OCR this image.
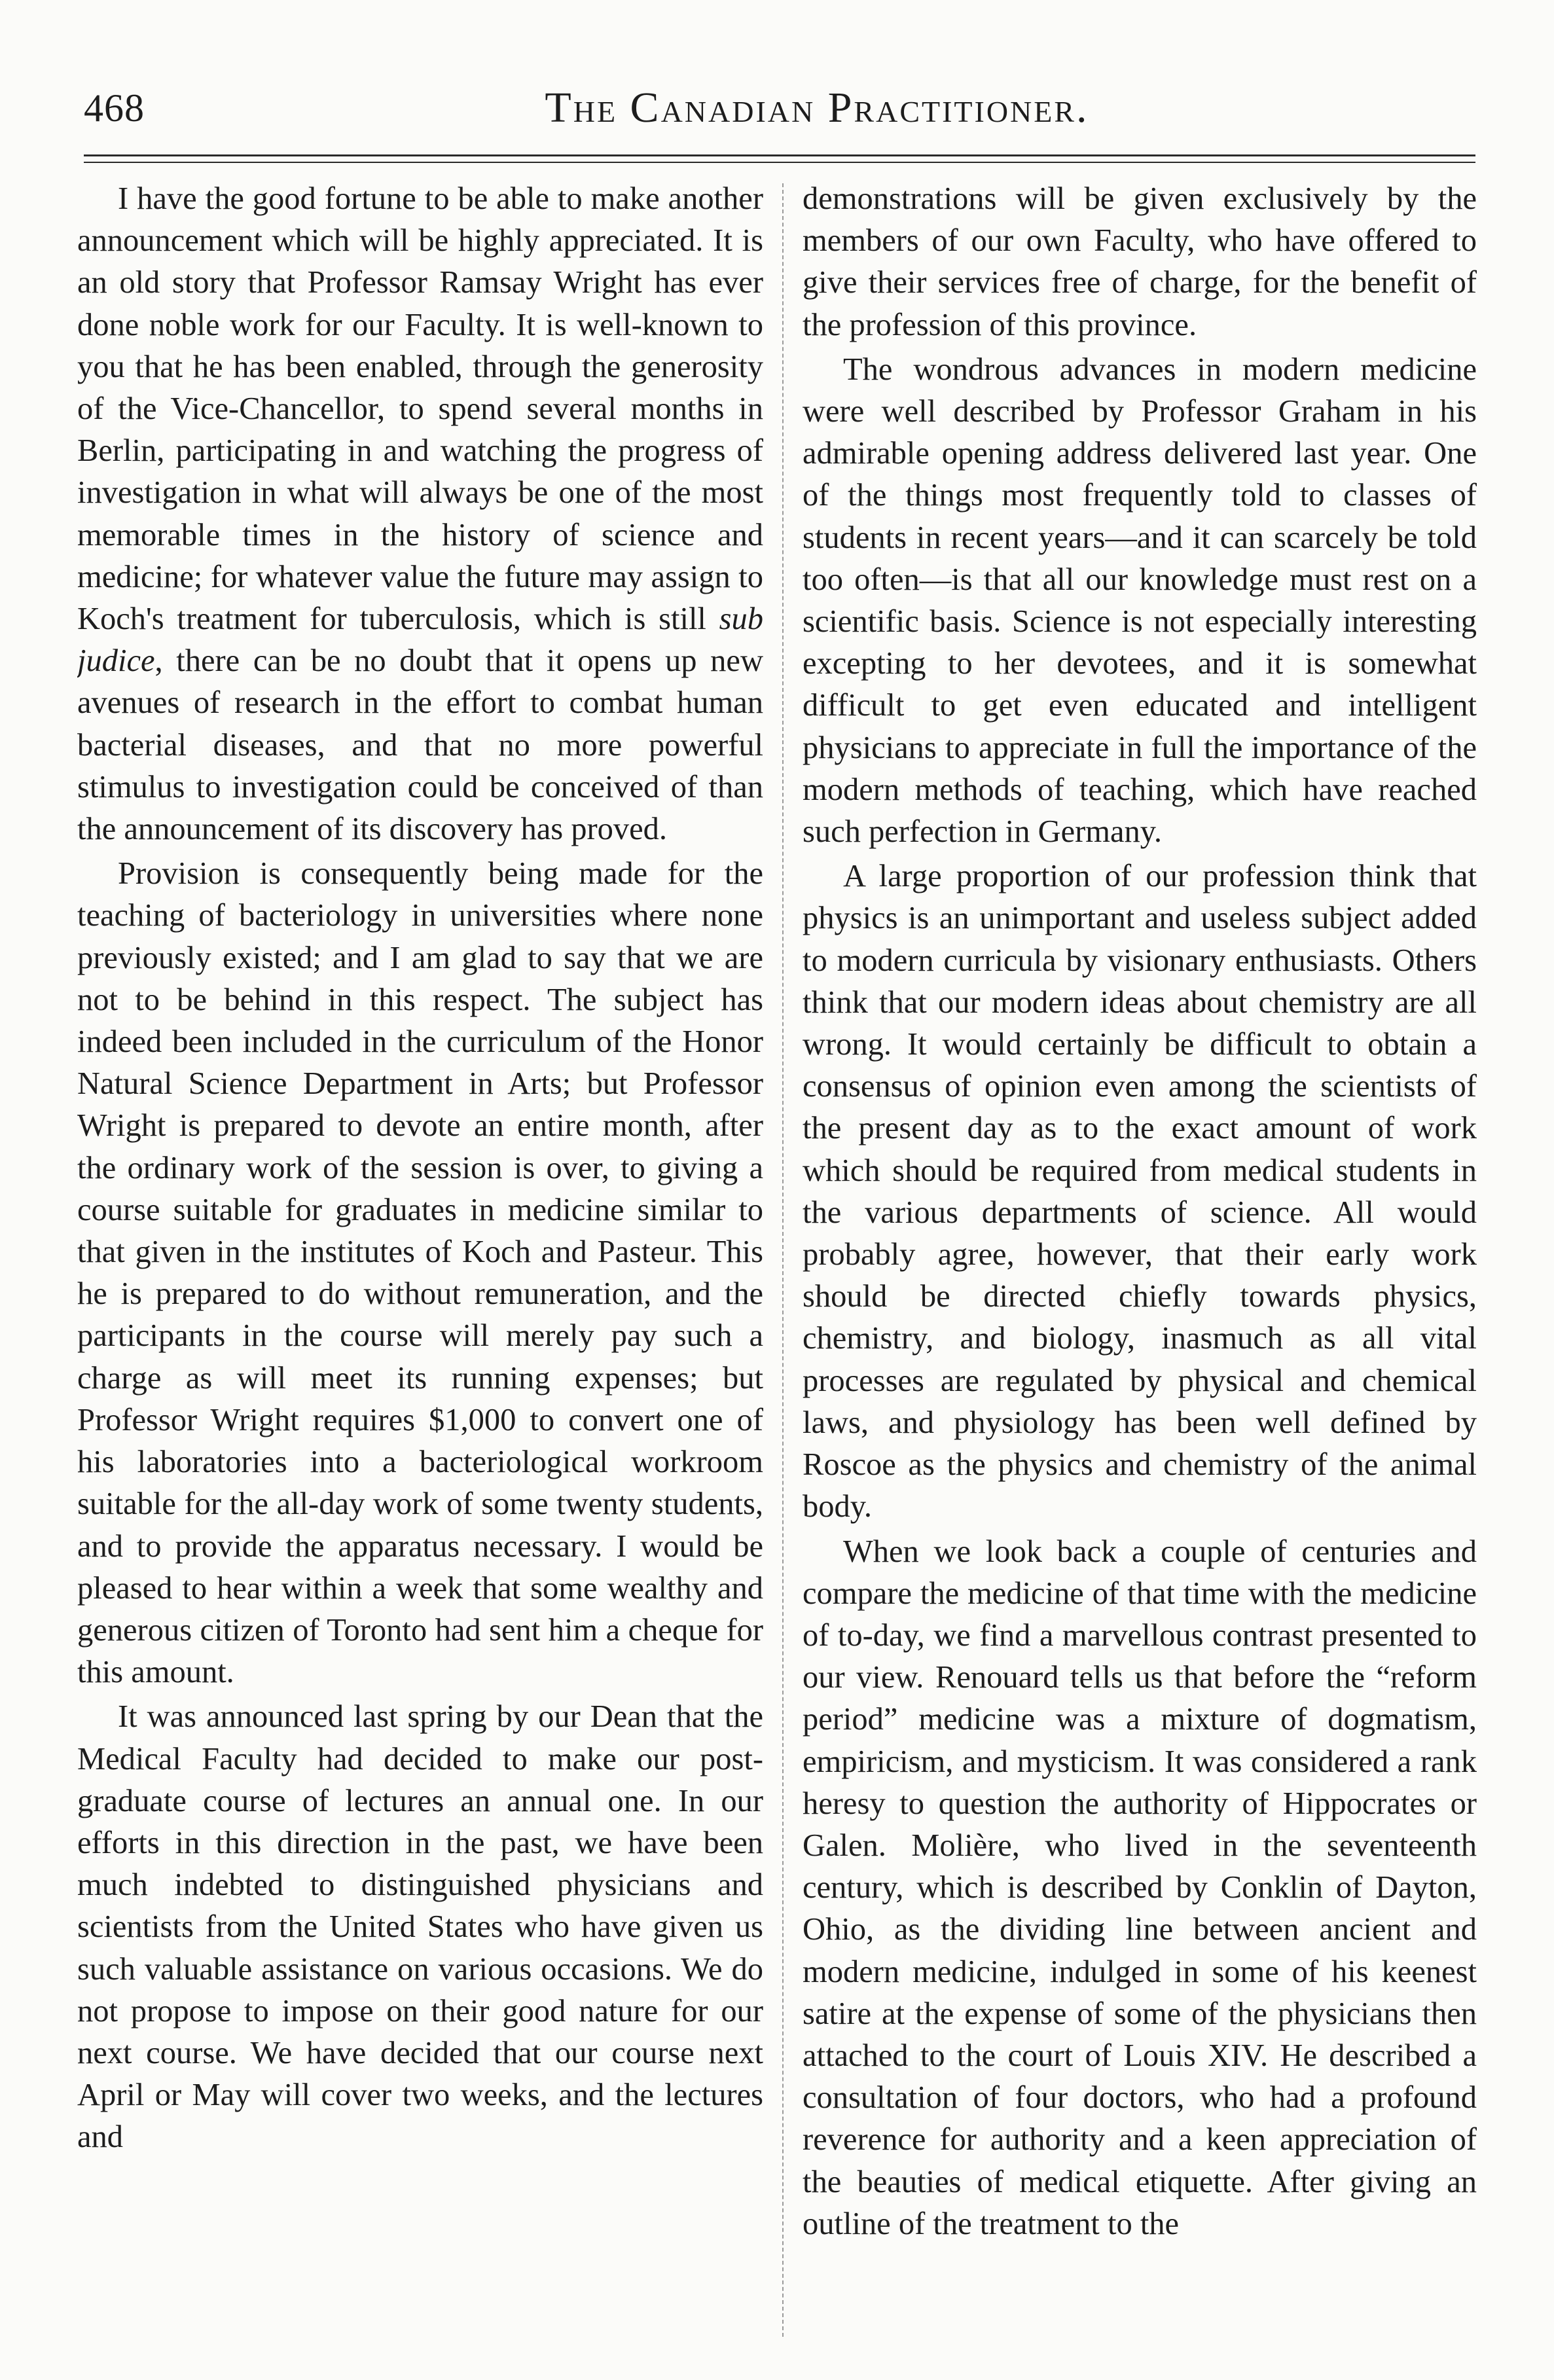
468	The Canadian Practitioner.

I have the good fortune to be able to make another announcement which will be highly appreciated. It is an old story that Professor Ramsay Wright has ever done noble work for our Faculty. It is well-known to you that he has been enabled, through the generosity of the Vice-Chancellor, to spend several months in Berlin, participating in and watching the progress of investigation in what will always be one of the most memorable times in the history of science and medicine; for whatever value the future may assign to Koch's treatment for tuberculosis, which is still sub judice, there can be no doubt that it opens up new avenues of research in the effort to combat human bacterial diseases, and that no more powerful stimulus to investigation could be conceived of than the announcement of its discovery has proved.

Provision is consequently being made for the teaching of bacteriology in universities where none previously existed; and I am glad to say that we are not to be behind in this respect. The subject has indeed been included in the curriculum of the Honor Natural Science Department in Arts; but Professor Wright is prepared to devote an entire month, after the ordinary work of the session is over, to giving a course suitable for graduates in medicine similar to that given in the institutes of Koch and Pasteur. This he is prepared to do without remuneration, and the participants in the course will merely pay such a charge as will meet its running expenses; but Professor Wright requires $1,000 to convert one of his laboratories into a bacteriological workroom suitable for the all-day work of some twenty students, and to provide the apparatus necessary. I would be pleased to hear within a week that some wealthy and generous citizen of Toronto had sent him a cheque for this amount.

It was announced last spring by our Dean that the Medical Faculty had decided to make our post-graduate course of lectures an annual one. In our efforts in this direction in the past, we have been much indebted to distinguished physicians and scientists from the United States who have given us such valuable assistance on various occasions. We do not propose to impose on their good nature for our next course. We have decided that our course next April or May will cover two weeks, and the lectures and

demonstrations will be given exclusively by the members of our own Faculty, who have offered to give their services free of charge, for the benefit of the profession of this province.

The wondrous advances in modern medicine were well described by Professor Graham in his admirable opening address delivered last year. One of the things most frequently told to classes of students in recent years—and it can scarcely be told too often—is that all our knowledge must rest on a scientific basis. Science is not especially interesting excepting to her devotees, and it is somewhat difficult to get even educated and intelligent physicians to appreciate in full the importance of the modern methods of teaching, which have reached such perfection in Germany.

A large proportion of our profession think that physics is an unimportant and useless subject added to modern curricula by visionary enthusiasts. Others think that our modern ideas about chemistry are all wrong. It would certainly be difficult to obtain a consensus of opinion even among the scientists of the present day as to the exact amount of work which should be required from medical students in the various departments of science. All would probably agree, however, that their early work should be directed chiefly towards physics, chemistry, and biology, inasmuch as all vital processes are regulated by physical and chemical laws, and physiology has been well defined by Roscoe as the physics and chemistry of the animal body.

When we look back a couple of centuries and compare the medicine of that time with the medicine of to-day, we find a marvellous contrast presented to our view. Renouard tells us that before the “reform period” medicine was a mixture of dogmatism, empiricism, and mysticism. It was considered a rank heresy to question the authority of Hippocrates or Galen. Molière, who lived in the seventeenth century, which is described by Conklin of Dayton, Ohio, as the dividing line between ancient and modern medicine, indulged in some of his keenest satire at the expense of some of the physicians then attached to the court of Louis XIV. He described a consultation of four doctors, who had a profound reverence for authority and a keen appreciation of the beauties of medical etiquette. After giving an outline of the treatment to the
